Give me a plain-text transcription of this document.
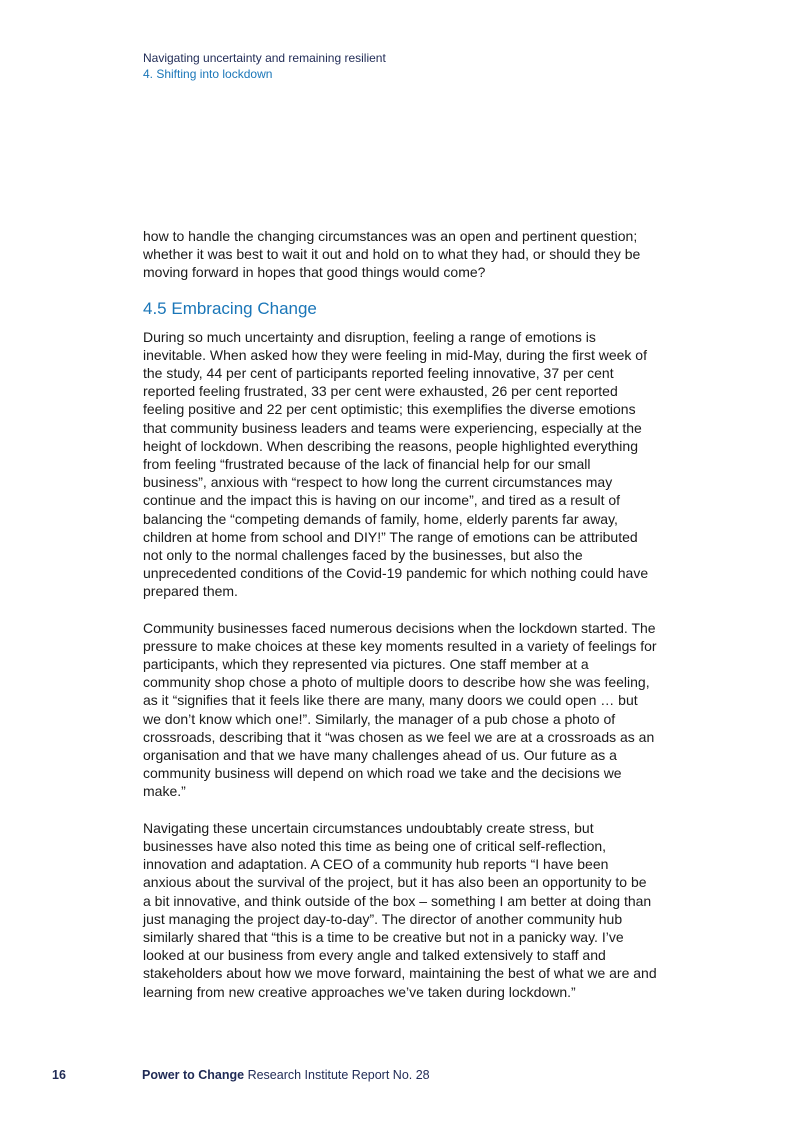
Navigating uncertainty and remaining resilient
4. Shifting into lockdown

how to handle the changing circumstances was an open and pertinent question; whether it was best to wait it out and hold on to what they had, or should they be moving forward in hopes that good things would come?

4.5 Embracing Change

During so much uncertainty and disruption, feeling a range of emotions is inevitable. When asked how they were feeling in mid-May, during the first week of the study, 44 per cent of participants reported feeling innovative, 37 per cent reported feeling frustrated, 33 per cent were exhausted, 26 per cent reported feeling positive and 22 per cent optimistic; this exemplifies the diverse emotions that community business leaders and teams were experiencing, especially at the height of lockdown. When describing the reasons, people highlighted everything from feeling “frustrated because of the lack of financial help for our small business”, anxious with “respect to how long the current circumstances may continue and the impact this is having on our income”, and tired as a result of balancing the “competing demands of family, home, elderly parents far away, children at home from school and DIY!” The range of emotions can be attributed not only to the normal challenges faced by the businesses, but also the unprecedented conditions of the Covid-19 pandemic for which nothing could have prepared them.

Community businesses faced numerous decisions when the lockdown started. The pressure to make choices at these key moments resulted in a variety of feelings for participants, which they represented via pictures. One staff member at a community shop chose a photo of multiple doors to describe how she was feeling, as it “signifies that it feels like there are many, many doors we could open … but we don’t know which one!”. Similarly, the manager of a pub chose a photo of crossroads, describing that it “was chosen as we feel we are at a crossroads as an organisation and that we have many challenges ahead of us. Our future as a community business will depend on which road we take and the decisions we make.”

Navigating these uncertain circumstances undoubtably create stress, but businesses have also noted this time as being one of critical self-reflection, innovation and adaptation. A CEO of a community hub reports “I have been anxious about the survival of the project, but it has also been an opportunity to be a bit innovative, and think outside of the box – something I am better at doing than just managing the project day-to-day”. The director of another community hub similarly shared that “this is a time to be creative but not in a panicky way. I’ve looked at our business from every angle and talked extensively to staff and stakeholders about how we move forward, maintaining the best of what we are and learning from new creative approaches we’ve taken during lockdown.”

16	Power to Change Research Institute Report No. 28
